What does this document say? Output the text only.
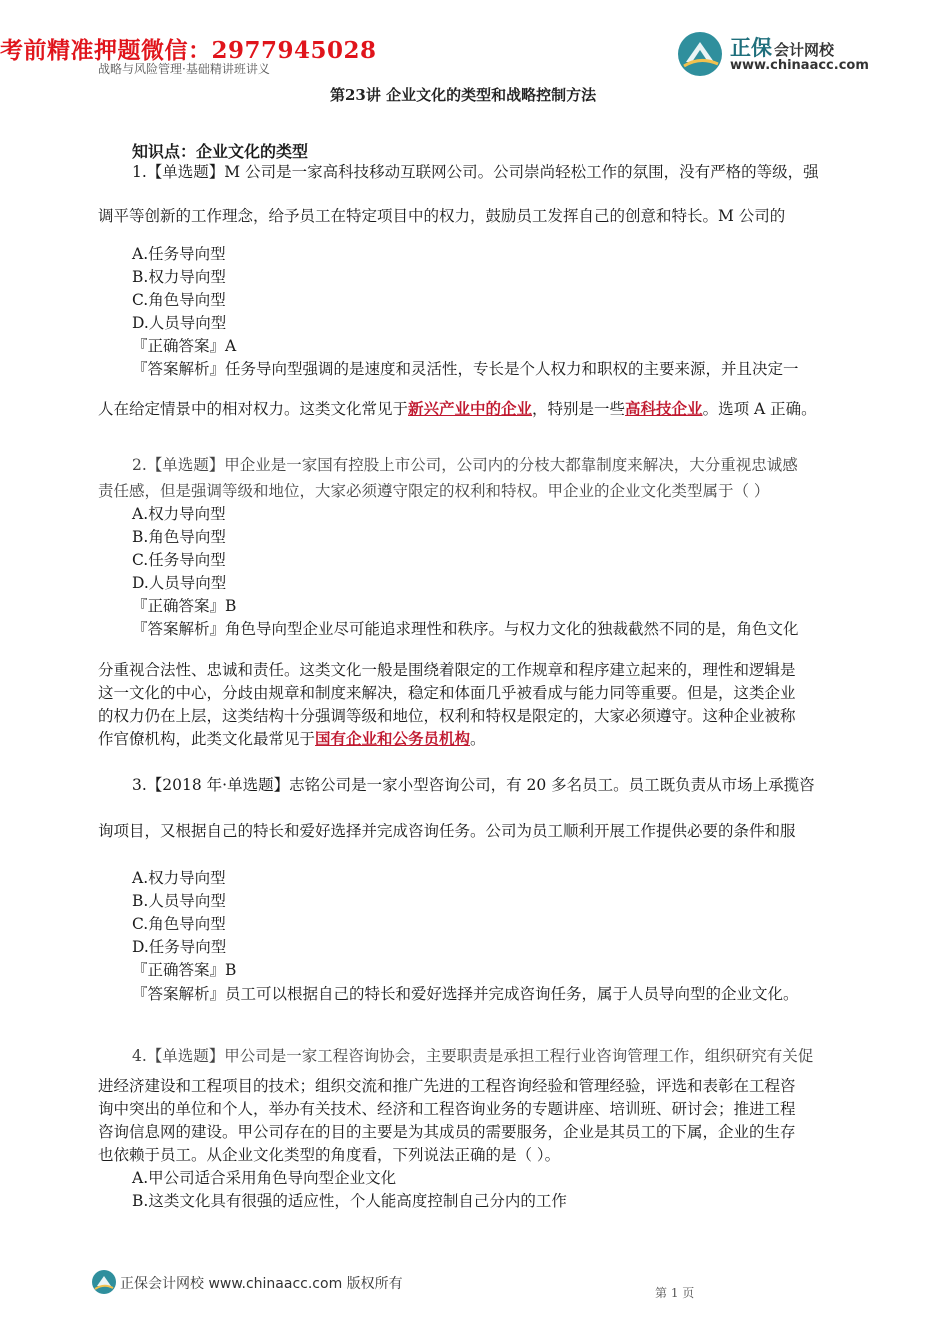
考前精准押题微信：2977945028	正保 会计网校
www.chinaacc.com
战略与风险管理·基础精讲班讲义
第23讲 企业文化的类型和战略控制方法
知识点：企业文化的类型
1.【单选题】M 公司是一家高科技移动互联网公司。公司崇尚轻松工作的氛围，没有严格的等级，强
调平等创新的工作理念，给予员工在特定项目中的权力，鼓励员工发挥自己的创意和特长。M 公司的
A.任务导向型
B.权力导向型
C.角色导向型
D.人员导向型
『正确答案』A
『答案解析』任务导向型强调的是速度和灵活性，专长是个人权力和职权的主要来源，并且决定一
人在给定情景中的相对权力。这类文化常见于新兴产业中的企业，特别是一些高科技企业。选项 A 正确。
2.【单选题】甲企业是一家国有控股上市公司，公司内的分枝大都靠制度来解决，大分重视忠诚感
责任感，但是强调等级和地位，大家必须遵守限定的权利和特权。甲企业的企业文化类型属于（ ）
A.权力导向型
B.角色导向型
C.任务导向型
D.人员导向型
『正确答案』B
『答案解析』角色导向型企业尽可能追求理性和秩序。与权力文化的独裁截然不同的是，角色文化
分重视合法性、忠诚和责任。这类文化一般是围绕着限定的工作规章和程序建立起来的，理性和逻辑是
这一文化的中心，分歧由规章和制度来解决，稳定和体面几乎被看成与能力同等重要。但是，这类企业
的权力仍在上层，这类结构十分强调等级和地位，权利和特权是限定的，大家必须遵守。这种企业被称
作官僚机构，此类文化最常见于国有企业和公务员机构。
3.【2018 年·单选题】志铭公司是一家小型咨询公司，有 20 多名员工。员工既负责从市场上承揽咨
询项目，又根据自己的特长和爱好选择并完成咨询任务。公司为员工顺利开展工作提供必要的条件和服
A.权力导向型
B.人员导向型
C.角色导向型
D.任务导向型
『正确答案』B
『答案解析』员工可以根据自己的特长和爱好选择并完成咨询任务，属于人员导向型的企业文化。
4.【单选题】甲公司是一家工程咨询协会，主要职责是承担工程行业咨询管理工作，组织研究有关促
进经济建设和工程项目的技术；组织交流和推广先进的工程咨询经验和管理经验，评选和表彰在工程咨
询中突出的单位和个人，举办有关技术、经济和工程咨询业务的专题讲座、培训班、研讨会；推进工程
咨询信息网的建设。甲公司存在的目的主要是为其成员的需要服务，企业是其员工的下属，企业的生存
也依赖于员工。从企业文化类型的角度看，下列说法正确的是（ ）。
A.甲公司适合采用角色导向型企业文化
B.这类文化具有很强的适应性，个人能高度控制自己分内的工作
正保会计网校 www.chinaacc.com 版权所有
第 1 页
